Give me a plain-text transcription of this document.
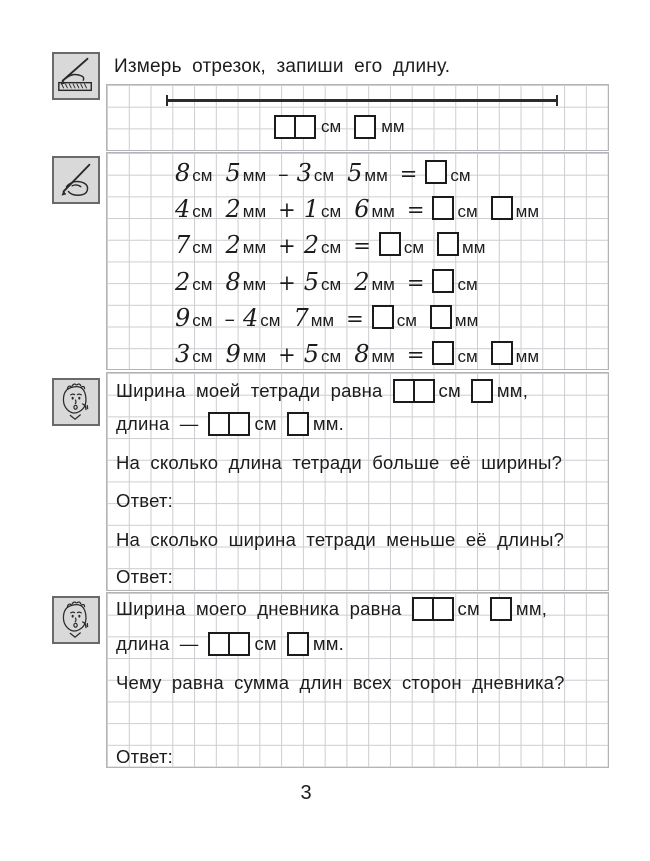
Измерь отрезок, запиши его длину.
см мм
8 см 5 мм – 3 см 5 мм = см
4 см 2 мм + 1 см 6 мм = см мм
7 см 2 мм + 2 см = см мм
2 см 8 мм + 5 см 2 мм = см
9 см – 4 см 7 мм = см мм
3 см 9 мм + 5 см 8 мм = см мм
Ширина моей тетради равна	см мм,
длина —	см мм.
На сколько длина тетради больше её ширины?
Ответ:
На сколько ширина тетради меньше её длины?
Ответ:
Ширина моего дневника равна	см мм,
длина —	см мм.
Чему равна сумма длин всех сторон дневника?
Ответ:
3
